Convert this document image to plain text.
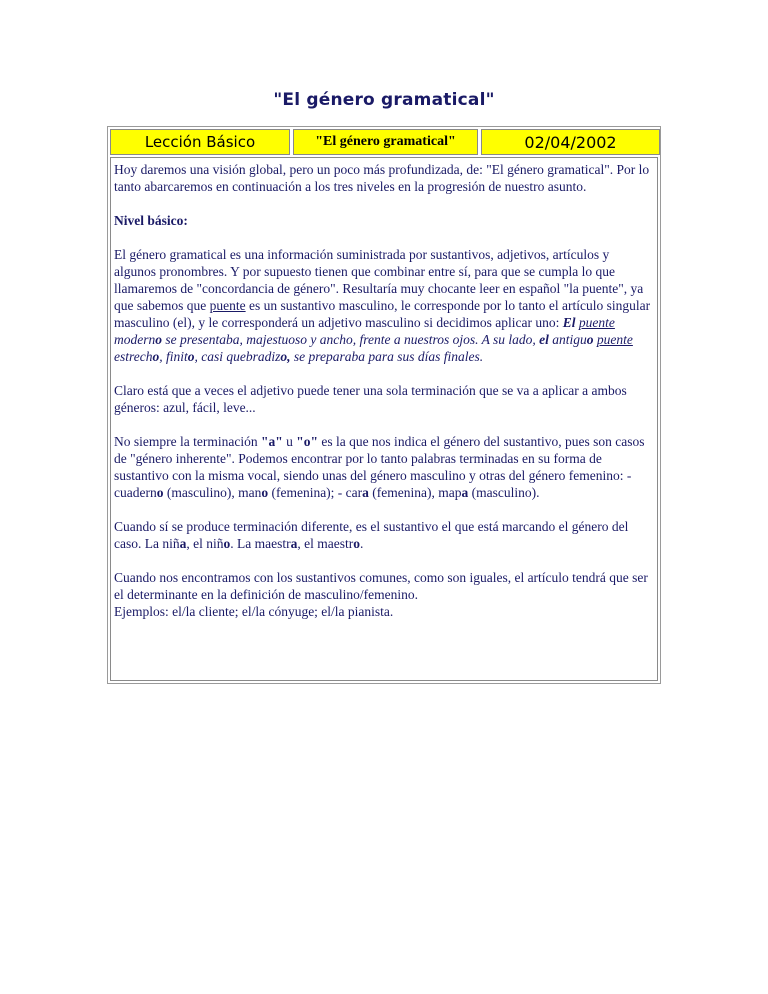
"El género gramatical"
Lección Básico	"El género gramatical"	02/04/2002

Hoy daremos una visión global, pero un poco más profundizada, de: "El género gramatical". Por lo tanto abarcaremos en continuación a los tres niveles en la progresión de nuestro asunto.

Nivel básico:

El género gramatical es una información suministrada por sustantivos, adjetivos, artículos y algunos pronombres. Y por supuesto tienen que combinar entre sí, para que se cumpla lo que llamaremos de "concordancia de género". Resultaría muy chocante leer en español "la puente", ya que sabemos que puente es un sustantivo masculino, le corresponde por lo tanto el artículo singular masculino (el), y le corresponderá un adjetivo masculino si decidimos aplicar uno: El puente moderno se presentaba, majestuoso y ancho, frente a nuestros ojos. A su lado, el antiguo puente estrecho, finito, casi quebradizo, se preparaba para sus días finales.

Claro está que a veces el adjetivo puede tener una sola terminación que se va a aplicar a ambos géneros: azul, fácil, leve...

No siempre la terminación "a" u "o" es la que nos indica el género del sustantivo, pues son casos de "género inherente". Podemos encontrar por lo tanto palabras terminadas en su forma de sustantivo con la misma vocal, siendo unas del género masculino y otras del género femenino: -cuaderno (masculino), mano (femenina); - cara (femenina), mapa (masculino).

Cuando sí se produce terminación diferente, es el sustantivo el que está marcando el género del caso. La niña, el niño. La maestra, el maestro.

Cuando nos encontramos con los sustantivos comunes, como son iguales, el artículo tendrá que ser el determinante en la definición de masculino/femenino.
Ejemplos: el/la cliente; el/la cónyuge; el/la pianista.
